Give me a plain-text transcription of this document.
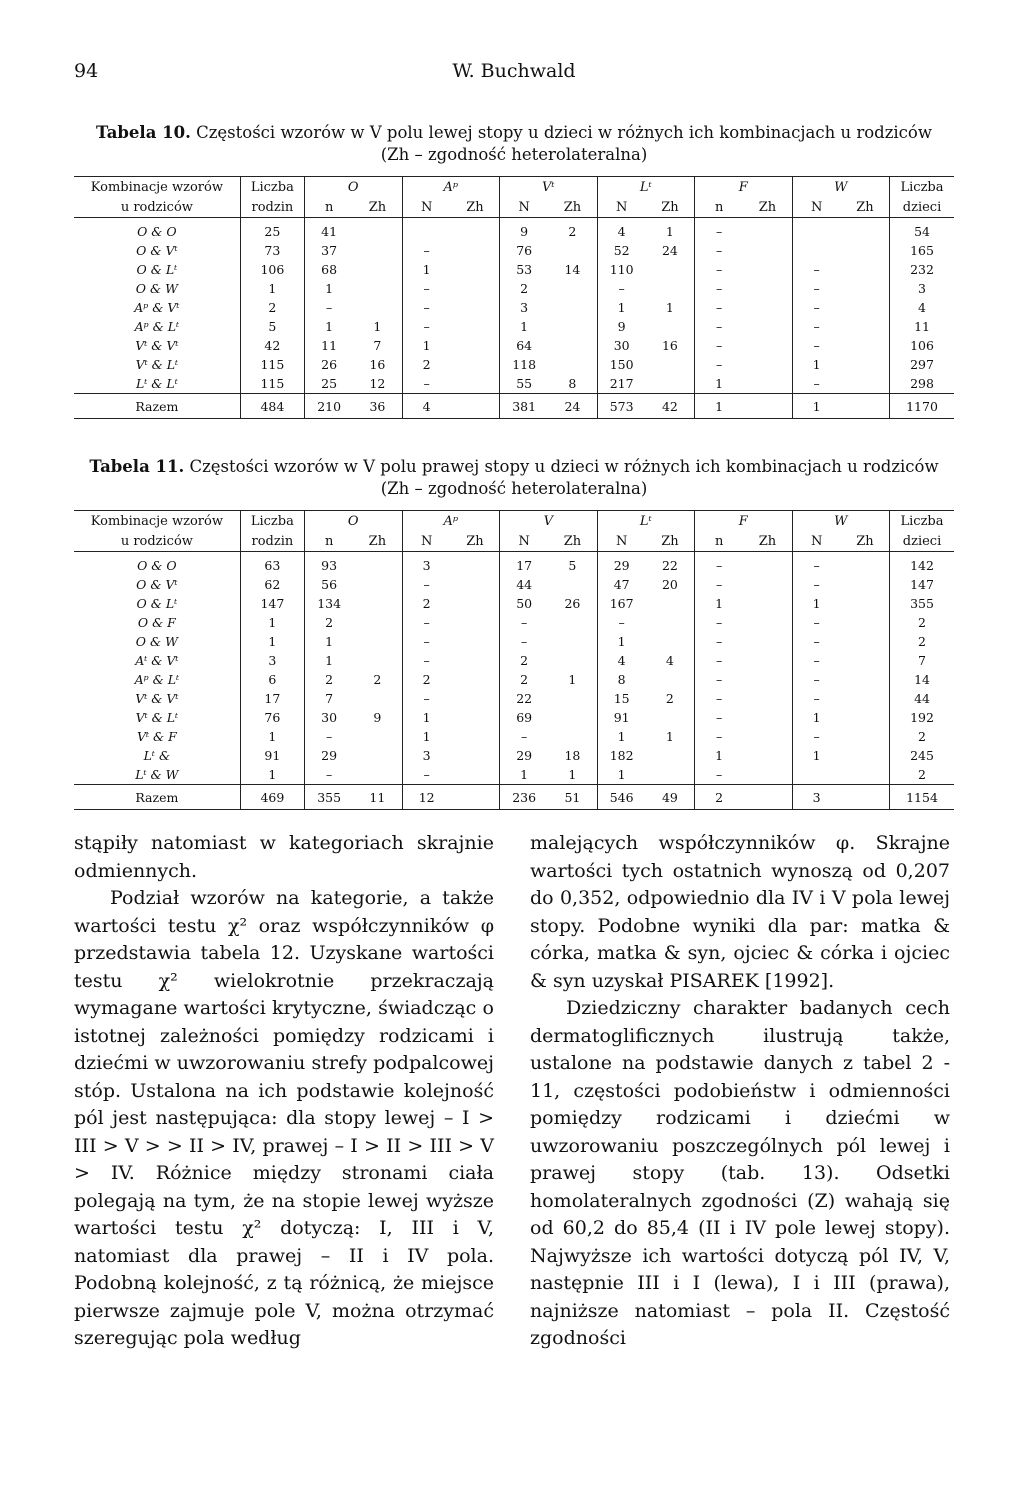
94	W. Buchwald
Tabela 10. Częstości wzorów w V polu lewej stopy u dzieci w różnych ich kombinacjach u rodziców
(Zh – zgodność heterolateralna)
Kombinacje wzorów	Liczba	O		Aᵖ		Vᵗ		Lᵗ		F		W		Liczba
u rodziców	rodzin	n	Zh	N	Zh	N	Zh	N	Zh	n	Zh	N	Zh	dzieci
O & O	25	41				9	2	4	1	–				54
O & Vᵗ	73	37		–		76		52	24	–				165
O & Lᵗ	106	68		1		53	14	110		–		–		232
O & W	1	1		–		2		–		–		–		3
Aᵖ & Vᵗ	2	–		–		3		1	1	–		–		4
Aᵖ & Lᵗ	5	1	1	–		1		9		–		–		11
Vᵗ & Vᵗ	42	11	7	1		64		30	16	–		–		106
Vᵗ & Lᵗ	115	26	16	2		118		150		–		1		297
Lᵗ & Lᵗ	115	25	12	–		55	8	217		1		–		298
Razem	484	210	36	4		381	24	573	42	1		1		1170
Tabela 11. Częstości wzorów w V polu prawej stopy u dzieci w różnych ich kombinacjach u rodziców
(Zh – zgodność heterolateralna)
Kombinacje wzorów	Liczba	O		Aᵖ		V		Lᵗ		F		W		Liczba
u rodziców	rodzin	n	Zh	N	Zh	N	Zh	N	Zh	n	Zh	N	Zh	dzieci
O & O	63	93		3		17	5	29	22	–		–		142
O & Vᵗ	62	56		–		44		47	20	–		–		147
O & Lᵗ	147	134		2		50	26	167		1		1		355
O & F	1	2		–		–		–		–		–		2
O & W	1	1		–		–		1		–		–		2
Aᵗ & Vᵗ	3	1		–		2		4	4	–		–		7
Aᵖ & Lᵗ	6	2	2	2		2	1	8		–		–		14
Vᵗ & Vᵗ	17	7		–		22		15	2	–		–		44
Vᵗ & Lᵗ	76	30	9	1		69		91		–		1		192
Vᵗ & F	1	–		1		–		1	1	–		–		2
Lᵗ &	91	29		3		29	18	182		1		1		245
Lᵗ & W	1	–		–		1	1	1		–				2
Razem	469	355	11	12		236	51	546	49	2		3		1154

stąpiły natomiast w kategoriach skrajnie odmiennych.

Podział wzorów na kategorie, a także wartości testu χ² oraz współczynników φ przedstawia tabela 12. Uzyskane wartości testu χ² wielokrotnie przekraczają wymagane wartości krytyczne, świadcząc o istotnej zależności pomiędzy rodzicami i dziećmi w uwzorowaniu strefy podpalcowej stóp. Ustalona na ich podstawie kolejność pól jest następująca: dla stopy lewej – I > III > V > > II > IV, prawej – I > II > III > V > IV. Różnice między stronami ciała polegają na tym, że na stopie lewej wyższe wartości testu χ² dotyczą: I, III i V, natomiast dla prawej – II i IV pola. Podobną kolejność, z tą różnicą, że miejsce pierwsze zajmuje pole V, można otrzymać szeregując pola według

malejących współczynników φ. Skrajne wartości tych ostatnich wynoszą od 0,207 do 0,352, odpowiednio dla IV i V pola lewej stopy. Podobne wyniki dla par: matka & córka, matka & syn, ojciec & córka i ojciec & syn uzyskał PISAREK [1992].

Dziedziczny charakter badanych cech dermatoglificznych ilustrują także, ustalone na podstawie danych z tabel 2 - 11, częstości podobieństw i odmienności pomiędzy rodzicami i dziećmi w uwzorowaniu poszczególnych pól lewej i prawej stopy (tab. 13). Odsetki homolateralnych zgodności (Z) wahają się od 60,2 do 85,4 (II i IV pole lewej stopy). Najwyższe ich wartości dotyczą pól IV, V, następnie III i I (lewa), I i III (prawa), najniższe natomiast – pola II. Częstość zgodności
